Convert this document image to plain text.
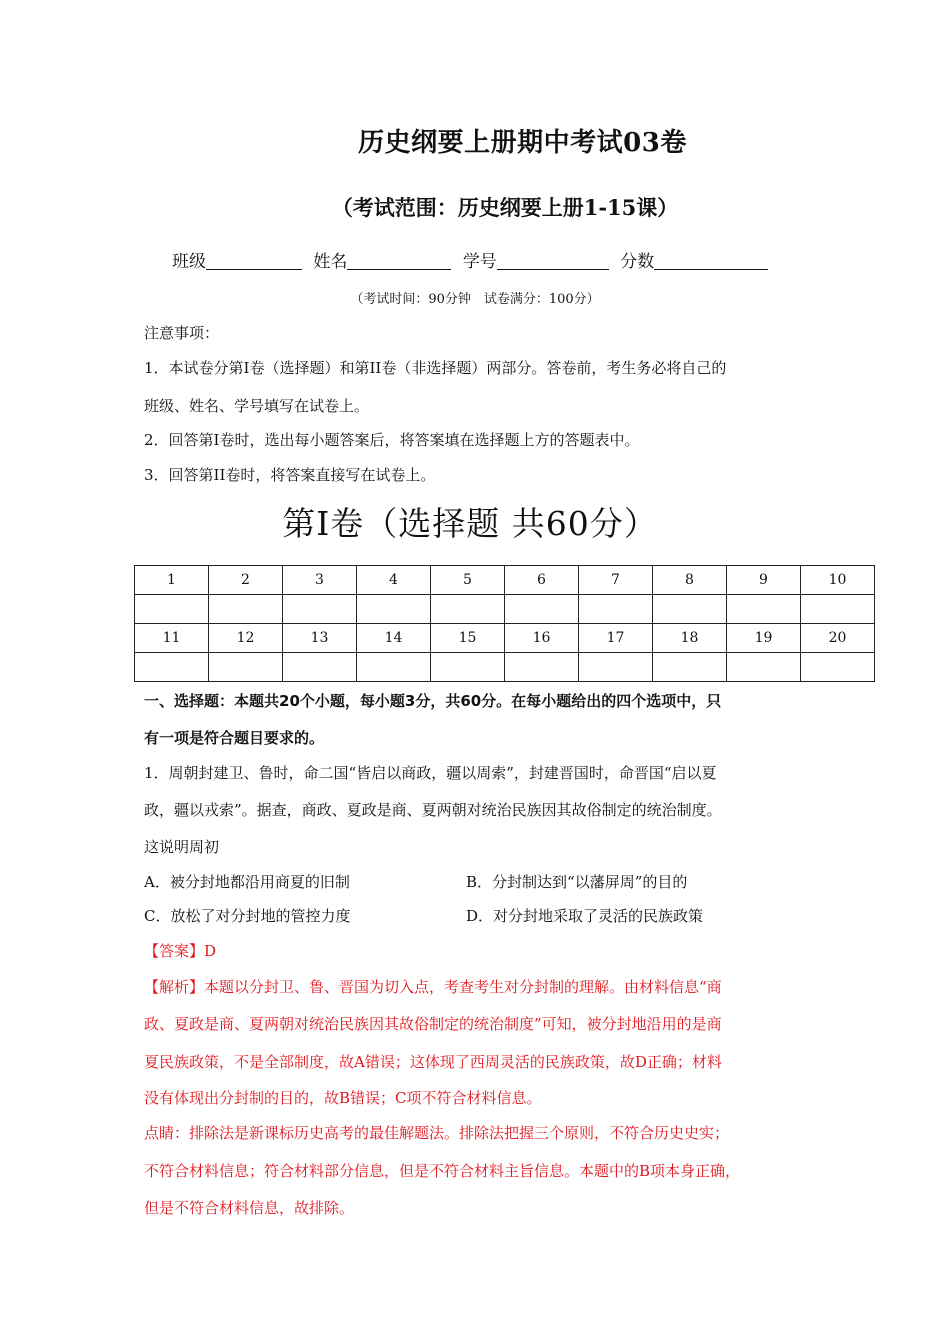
历史纲要上册期中考试03卷
（考试范围：历史纲要上册1-15课）
班级	姓名	学号	分数
（考试时间：90分钟　试卷满分：100分）
注意事项：
1．本试卷分第I卷（选择题）和第II卷（非选择题）两部分。答卷前，考生务必将自己的
班级、姓名、学号填写在试卷上。
2．回答第I卷时，选出每小题答案后，将答案填在选择题上方的答题表中。
3．回答第II卷时，将答案直接写在试卷上。
第Ⅰ卷（选择题 共60分）
1	2	3	4	5	6	7	8	9	10

11	12	13	14	15	16	17	18	19	20

一、选择题：本题共20个小题，每小题3分，共60分。在每小题给出的四个选项中，只
有一项是符合题目要求的。
1．周朝封建卫、鲁时，命二国“皆启以商政，疆以周索”，封建晋国时，命晋国“启以夏
政，疆以戎索”。据查，商政、夏政是商、夏两朝对统治民族因其故俗制定的统治制度。
这说明周初
A．被分封地都沿用商夏的旧制	B．分封制达到“以藩屏周”的目的
C．放松了对分封地的管控力度	D．对分封地采取了灵活的民族政策
【答案】D
【解析】本题以分封卫、鲁、晋国为切入点，考查考生对分封制的理解。由材料信息“商
政、夏政是商、夏两朝对统治民族因其故俗制定的统治制度”可知，被分封地沿用的是商
夏民族政策，不是全部制度，故A错误；这体现了西周灵活的民族政策，故D正确；材料
没有体现出分封制的目的，故B错误；C项不符合材料信息。
点睛：排除法是新课标历史高考的最佳解题法。排除法把握三个原则，不符合历史史实；
不符合材料信息；符合材料部分信息，但是不符合材料主旨信息。本题中的B项本身正确，
但是不符合材料信息，故排除。
